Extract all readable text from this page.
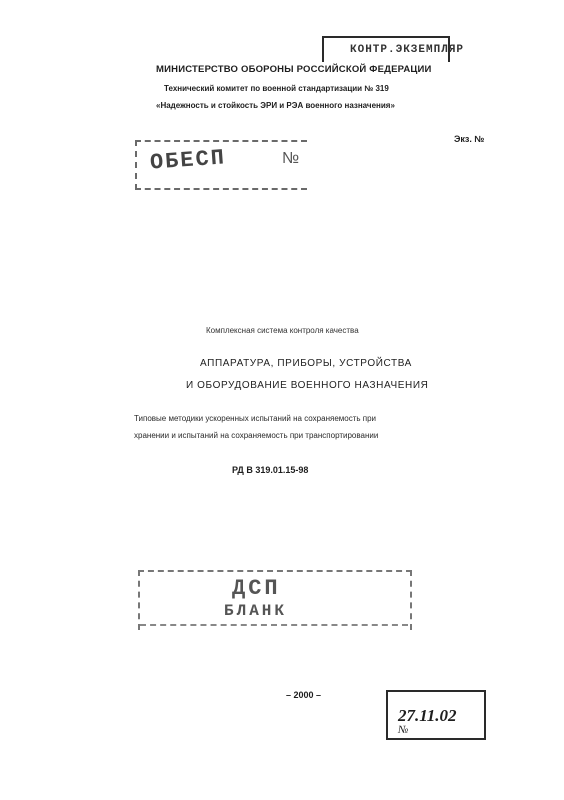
КОНТР.ЭКЗЕМПЛЯР
МИНИСТЕРСТВО ОБОРОНЫ РОССИЙСКОЙ ФЕДЕРАЦИИ
Технический комитет по военной стандартизации № 319
«Надежность и стойкость ЭРИ и РЭА военного назначения»
Экз. №
ОБЕСП	№
Комплексная система контроля качества
АППАРАТУРА, ПРИБОРЫ, УСТРОЙСТВА
И ОБОРУДОВАНИЕ ВОЕННОГО НАЗНАЧЕНИЯ
Типовые методики ускоренных испытаний на сохраняемость при
хранении и испытаний на сохраняемость при транспортировании
РД В 319.01.15-98
ДСП
БЛАНК
– 2000 –
27.11.02
№
